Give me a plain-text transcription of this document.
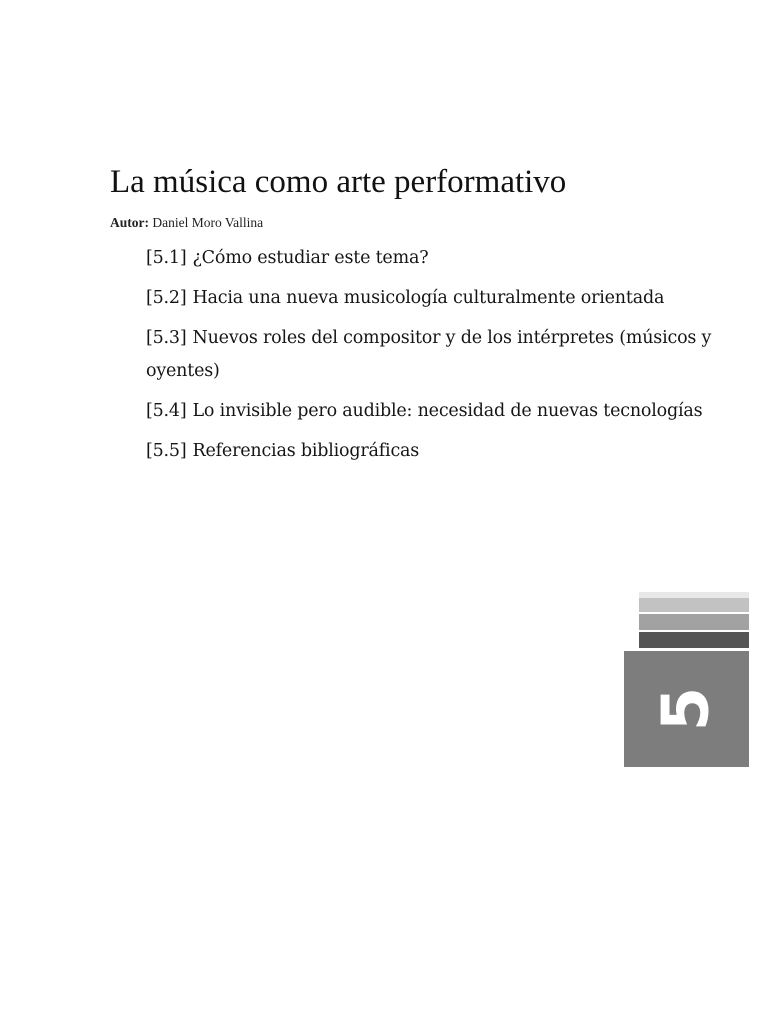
La música como arte performativo
Autor: Daniel Moro Vallina
[5.1] ¿Cómo estudiar este tema?
[5.2] Hacia una nueva musicología culturalmente orientada
[5.3] Nuevos roles del compositor y de los intérpretes (músicos y oyentes)
[5.4] Lo invisible pero audible: necesidad de nuevas tecnologías
[5.5] Referencias bibliográficas
5
